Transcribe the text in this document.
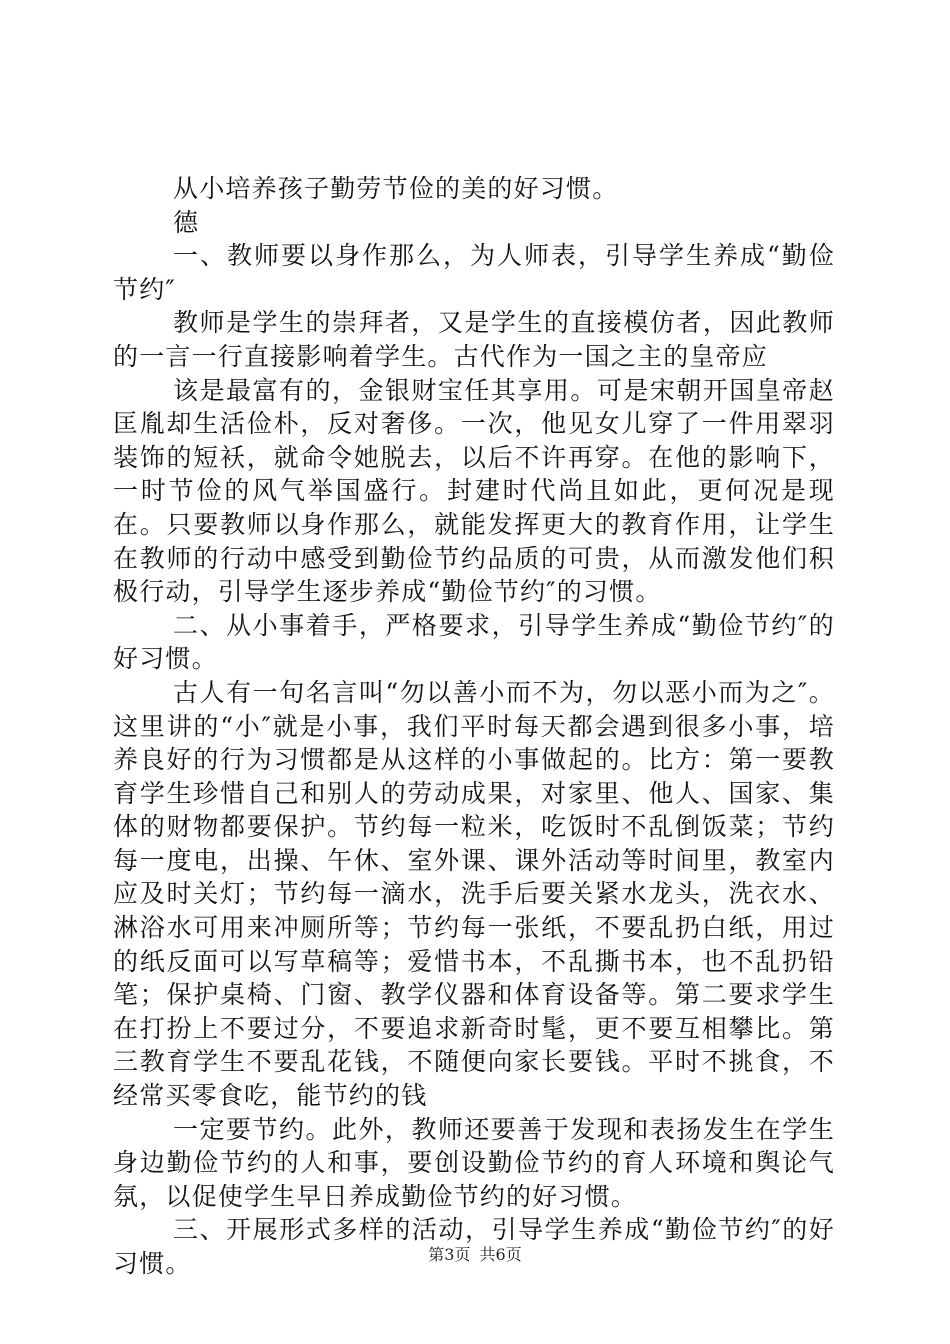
从小培养孩子勤劳节俭的美的好习惯。

德

一、教师要以身作那么，为人师表，引导学生养成“勤俭节约″

教师是学生的崇拜者，又是学生的直接模仿者，因此教师的一言一行直接影响着学生。古代作为一国之主的皇帝应

该是最富有的，金银财宝任其享用。可是宋朝开国皇帝赵匡胤却生活俭朴，反对奢侈。一次，他见女儿穿了一件用翠羽装饰的短袄，就命令她脱去，以后不许再穿。在他的影响下，一时节俭的风气举国盛行。封建时代尚且如此，更何况是现在。只要教师以身作那么，就能发挥更大的教育作用，让学生在教师的行动中感受到勤俭节约品质的可贵，从而激发他们积极行动，引导学生逐步养成“勤俭节约″的习惯。

二、从小事着手，严格要求，引导学生养成“勤俭节约″的好习惯。

古人有一句名言叫“勿以善小而不为，勿以恶小而为之″。这里讲的“小″就是小事，我们平时每天都会遇到很多小事，培养良好的行为习惯都是从这样的小事做起的。比方：第一要教育学生珍惜自己和别人的劳动成果，对家里、他人、国家、集体的财物都要保护。节约每一粒米，吃饭时不乱倒饭菜；节约每一度电，出操、午休、室外课、课外活动等时间里，教室内应及时关灯；节约每一滴水，洗手后要关紧水龙头，洗衣水、淋浴水可用来冲厕所等；节约每一张纸，不要乱扔白纸，用过的纸反面可以写草稿等；爱惜书本，不乱撕书本，也不乱扔铅笔；保护桌椅、门窗、教学仪器和体育设备等。第二要求学生在打扮上不要过分，不要追求新奇时髦，更不要互相攀比。第三教育学生不要乱花钱，不随便向家长要钱。平时不挑食，不经常买零食吃，能节约的钱

一定要节约。此外，教师还要善于发现和表扬发生在学生身边勤俭节约的人和事，要创设勤俭节约的育人环境和舆论气氛，以促使学生早日养成勤俭节约的好习惯。

三、开展形式多样的活动，引导学生养成“勤俭节约″的好习惯。	第3页 共6页
